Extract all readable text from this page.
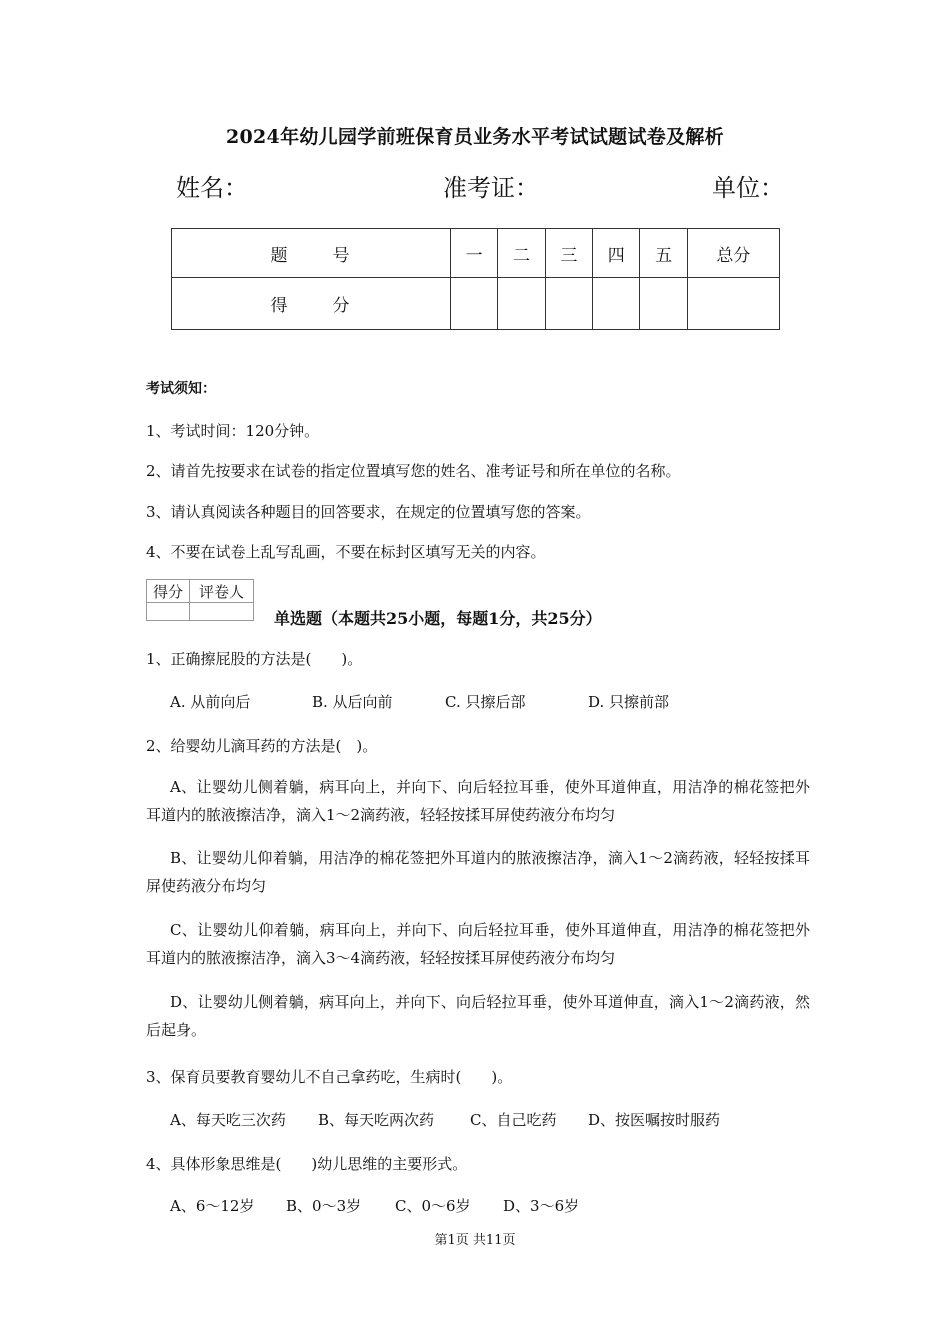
2024年幼儿园学前班保育员业务水平考试试题试卷及解析
姓名：	准考证：	单位：
题　号	一	二	三	四	五	总分
得　分						
考试须知：
1、考试时间：120分钟。
2、请首先按要求在试卷的指定位置填写您的姓名、准考证号和所在单位的名称。
3、请认真阅读各种题目的回答要求，在规定的位置填写您的答案。
4、不要在试卷上乱写乱画，不要在标封区填写无关的内容。
得分	评卷人

单选题（本题共25小题，每题1分，共25分）
1、正确擦屁股的方法是(　　)。
A. 从前向后	B. 从后向前	C. 只擦后部	D. 只擦前部
2、给婴幼儿滴耳药的方法是(　)。
A、让婴幼儿侧着躺，病耳向上，并向下、向后轻拉耳垂，使外耳道伸直，用洁净的棉花签把外耳道内的脓液擦洁净，滴入1～2滴药液，轻轻按揉耳屏使药液分布均匀
B、让婴幼儿仰着躺，用洁净的棉花签把外耳道内的脓液擦洁净，滴入1～2滴药液，轻轻按揉耳屏使药液分布均匀
C、让婴幼儿仰着躺，病耳向上，并向下、向后轻拉耳垂，使外耳道伸直，用洁净的棉花签把外耳道内的脓液擦洁净，滴入3～4滴药液，轻轻按揉耳屏使药液分布均匀
D、让婴幼儿侧着躺，病耳向上，并向下、向后轻拉耳垂，使外耳道伸直，滴入1～2滴药液，然后起身。
3、保育员要教育婴幼儿不自己拿药吃，生病时(　　)。
A、每天吃三次药 B、每天吃两次药 C、自己吃药 D、按医嘱按时服药
4、具体形象思维是(　　)幼儿思维的主要形式。
A、6～12岁 B、0～3岁 C、0～6岁 D、3～6岁
第1页 共11页
